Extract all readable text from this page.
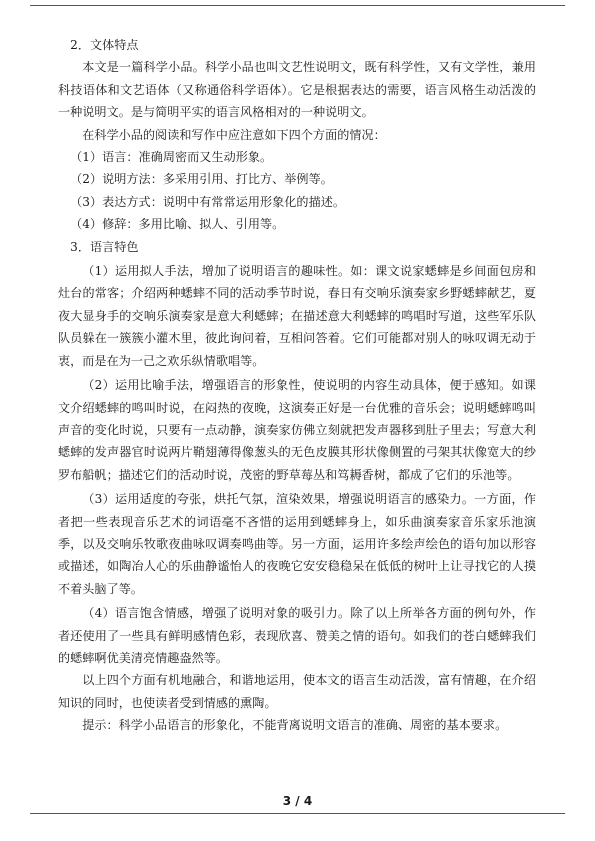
2．文体特点

本文是一篇科学小品。科学小品也叫文艺性说明文，既有科学性，又有文学性，兼用科技语体和文艺语体（又称通俗科学语体）。它是根据表达的需要，语言风格生动活泼的一种说明文。是与简明平实的语言风格相对的一种说明文。

在科学小品的阅读和写作中应注意如下四个方面的情况：

（1）语言：准确周密而又生动形象。

（2）说明方法：多采用引用、打比方、举例等。

（3）表达方式：说明中有常常运用形象化的描述。

（4）修辞：多用比喻、拟人、引用等。

3．语言特色

（1）运用拟人手法，增加了说明语言的趣味性。如：课文说家蟋蟀是乡间面包房和灶台的常客；介绍两种蟋蟀不同的活动季节时说，春日有交响乐演奏家乡野蟋蟀献艺，夏夜大显身手的交响乐演奏家是意大利蟋蟀；在描述意大利蟋蟀的鸣唱时写道，这些军乐队队员躲在一簇簇小灌木里，彼此询问着，互相问答着。它们可能都对别人的咏叹调无动于衷，而是在为一己之欢乐纵情歌唱等。

（2）运用比喻手法，增强语言的形象性，使说明的内容生动具体，便于感知。如课文介绍蟋蟀的鸣叫时说，在闷热的夜晚，这演奏正好是一台优雅的音乐会；说明蟋蟀鸣叫声音的变化时说，只要有一点动静，演奏家仿佛立刻就把发声器移到肚子里去；写意大利蟋蟀的发声器官时说两片鞘翅薄得像葱头的无色皮膜其形状像侧置的弓架其状像宽大的纱罗布船帆；描述它们的活动时说，茂密的野草莓丛和笃耨香树，都成了它们的乐池等。

（3）运用适度的夸张，烘托气氛，渲染效果，增强说明语言的感染力。一方面，作者把一些表现音乐艺术的词语毫不吝惜的运用到蟋蟀身上，如乐曲演奏家音乐家乐池演季，以及交响乐牧歌夜曲咏叹调奏鸣曲等。另一方面，运用许多绘声绘色的语句加以形容或描述，如陶冶人心的乐曲静谧怡人的夜晚它安安稳稳呆在低低的树叶上让寻找它的人摸不着头脑了等。

（4）语言饱含情感，增强了说明对象的吸引力。除了以上所举各方面的例句外，作者还使用了一些具有鲜明感情色彩，表现欣喜、赞美之情的语句。如我们的苍白蟋蟀我们的蟋蟀啊优美清亮情趣盎然等。

以上四个方面有机地融合，和谐地运用，使本文的语言生动活泼，富有情趣，在介绍知识的同时，也使读者受到情感的熏陶。

提示：科学小品语言的形象化，不能背离说明文语言的准确、周密的基本要求。

3 / 4
